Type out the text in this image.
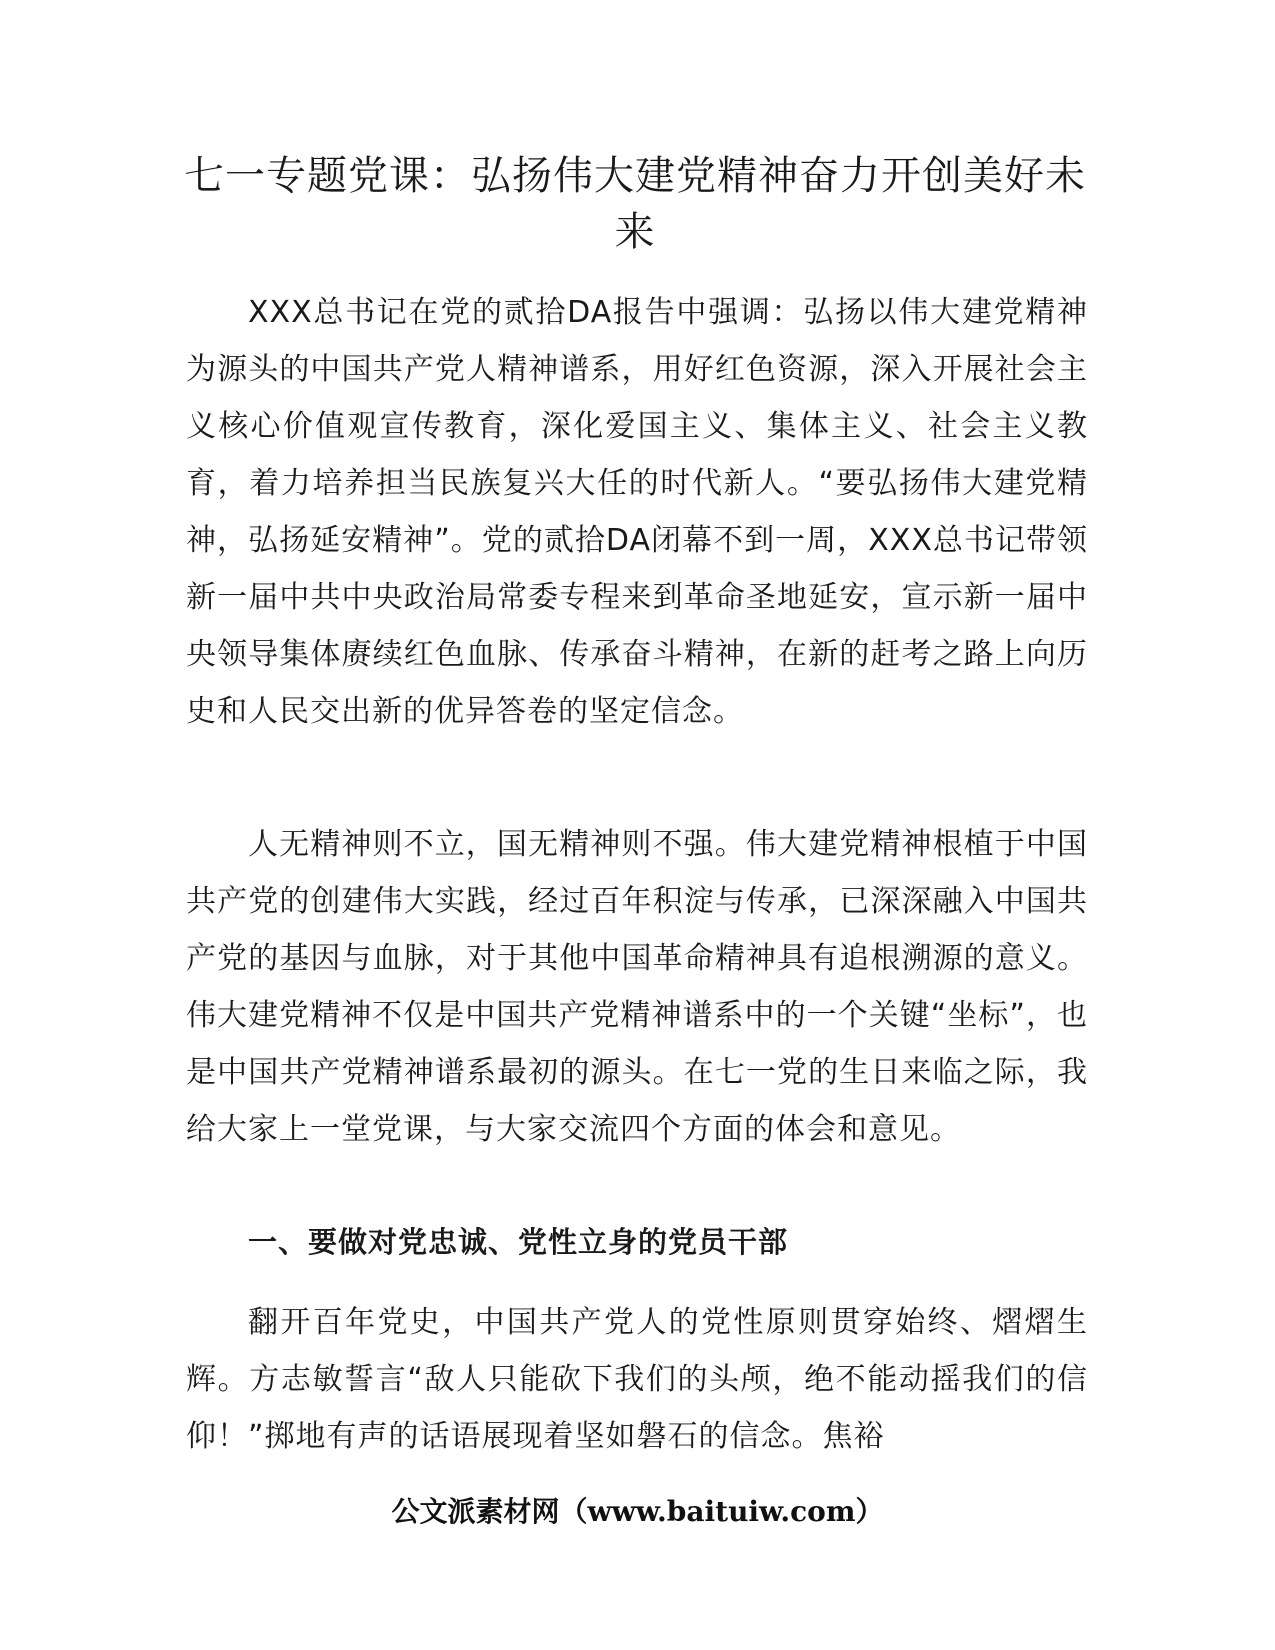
七一专题党课：弘扬伟大建党精神奋力开创美好未来

XXX总书记在党的贰拾DA报告中强调：弘扬以伟大建党精神为源头的中国共产党人精神谱系，用好红色资源，深入开展社会主义核心价值观宣传教育，深化爱国主义、集体主义、社会主义教育，着力培养担当民族复兴大任的时代新人。“要弘扬伟大建党精神，弘扬延安精神”。党的贰拾DA闭幕不到一周，XXX总书记带领新一届中共中央政治局常委专程来到革命圣地延安，宣示新一届中央领导集体赓续红色血脉、传承奋斗精神，在新的赶考之路上向历史和人民交出新的优异答卷的坚定信念。

人无精神则不立，国无精神则不强。伟大建党精神根植于中国共产党的创建伟大实践，经过百年积淀与传承，已深深融入中国共产党的基因与血脉，对于其他中国革命精神具有追根溯源的意义。伟大建党精神不仅是中国共产党精神谱系中的一个关键“坐标”，也是中国共产党精神谱系最初的源头。在七一党的生日来临之际，我给大家上一堂党课，与大家交流四个方面的体会和意见。

一、要做对党忠诚、党性立身的党员干部

翻开百年党史，中国共产党人的党性原则贯穿始终、熠熠生辉。方志敏誓言“敌人只能砍下我们的头颅，绝不能动摇我们的信仰！”掷地有声的话语展现着坚如磐石的信念。焦裕

公文派素材网（www.baituiw.com）
